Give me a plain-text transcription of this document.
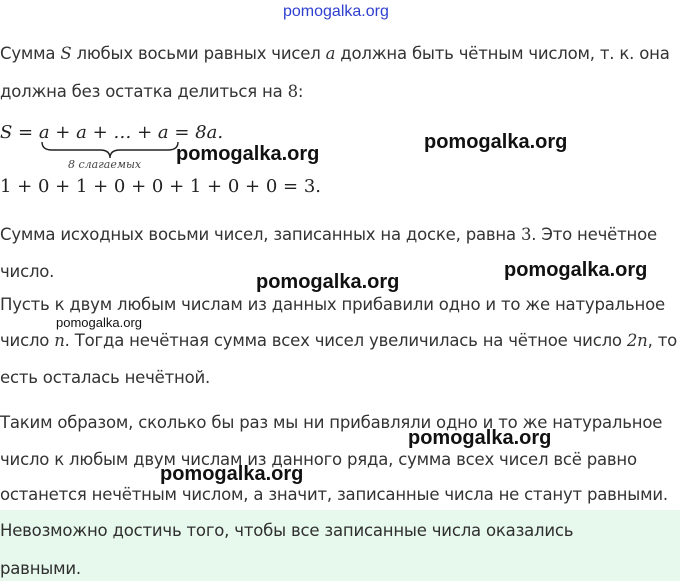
Сумма S любых восьми равных чисел a должна быть чётным числом, т. к. она
должна без остатка делиться на 8:
S = a + a + … + a = 8a.
8 слагаемых
1 + 0 + 1 + 0 + 0 + 1 + 0 + 0 = 3.
Сумма исходных восьми чисел, записанных на доске, равна 3. Это нечётное
число.
Пусть к двум любым числам из данных прибавили одно и то же натуральное
число n. Тогда нечётная сумма всех чисел увеличилась на чётное число 2n, то
есть осталась нечётной.
Таким образом, сколько бы раз мы ни прибавляли одно и то же натуральное
число к любым двум числам из данного ряда, сумма всех чисел всё равно
останется нечётным числом, а значит, записанные числа не станут равными.
Невозможно достичь того, чтобы все записанные числа оказались
равными.
pomogalka.org
pomogalka.org
pomogalka.org
pomogalka.org
pomogalka.org
pomogalka.org
pomogalka.org
pomogalka.org
